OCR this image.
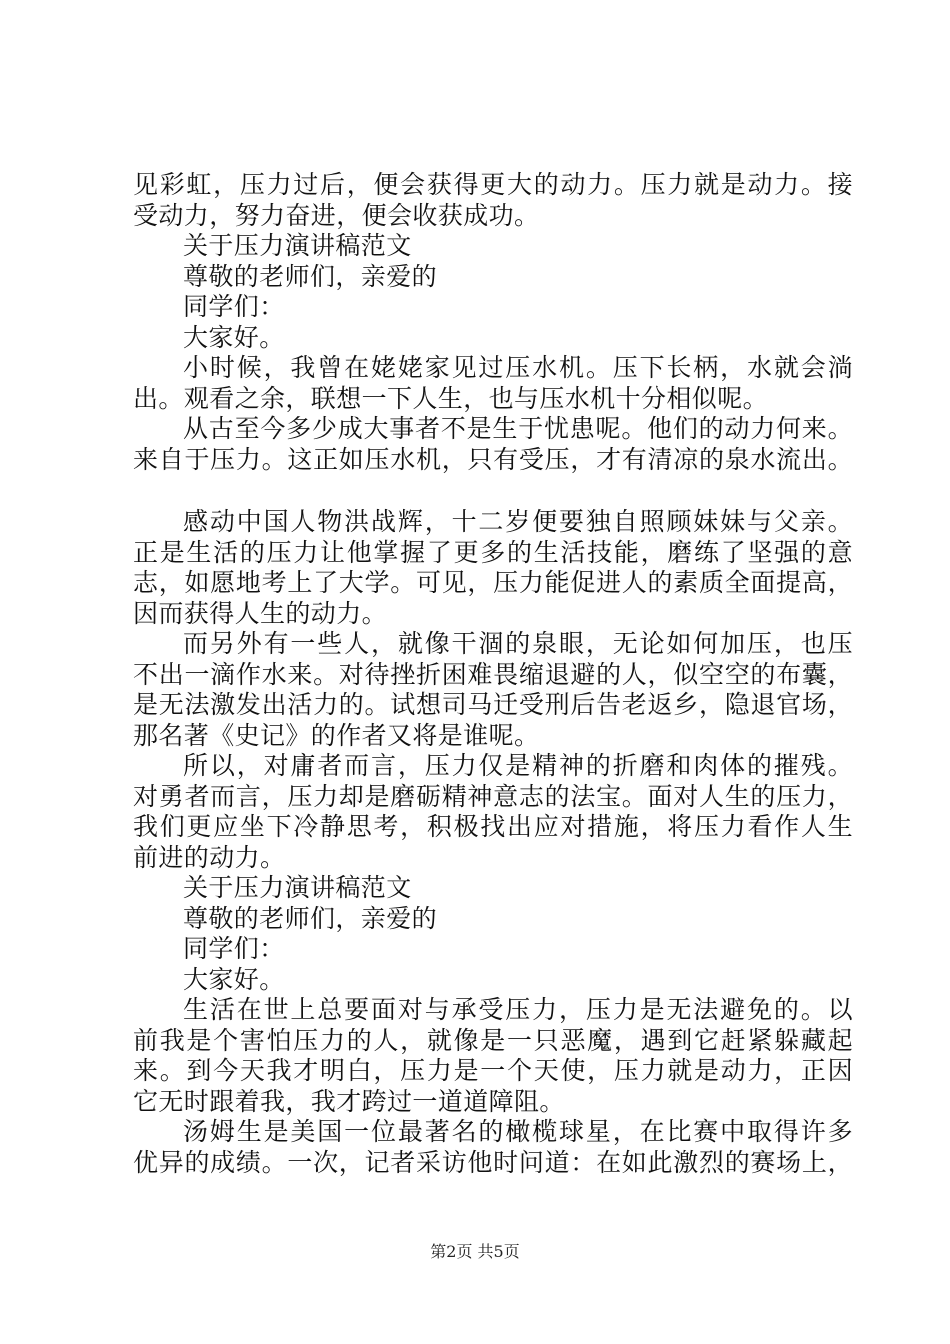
见彩虹，压力过后，便会获得更大的动力。压力就是动力。接
受动力，努力奋进，便会收获成功。
关于压力演讲稿范文
尊敬的老师们，亲爱的
同学们：
大家好。
小时候，我曾在姥姥家见过压水机。压下长柄，水就会淌
出。观看之余，联想一下人生，也与压水机十分相似呢。
从古至今多少成大事者不是生于忧患呢。他们的动力何来。
来自于压力。这正如压水机，只有受压，才有清凉的泉水流出。
感动中国人物洪战辉，十二岁便要独自照顾妹妹与父亲。
正是生活的压力让他掌握了更多的生活技能，磨练了坚强的意
志，如愿地考上了大学。可见，压力能促进人的素质全面提高，
因而获得人生的动力。
而另外有一些人，就像干涸的泉眼，无论如何加压，也压
不出一滴作水来。对待挫折困难畏缩退避的人，似空空的布囊，
是无法激发出活力的。试想司马迁受刑后告老返乡，隐退官场，
那名著《史记》的作者又将是谁呢。
所以，对庸者而言，压力仅是精神的折磨和肉体的摧残。
对勇者而言，压力却是磨砺精神意志的法宝。面对人生的压力，
我们更应坐下冷静思考，积极找出应对措施，将压力看作人生
前进的动力。
关于压力演讲稿范文
尊敬的老师们，亲爱的
同学们：
大家好。
生活在世上总要面对与承受压力，压力是无法避免的。以
前我是个害怕压力的人，就像是一只恶魔，遇到它赶紧躲藏起
来。到今天我才明白，压力是一个天使，压力就是动力，正因
它无时跟着我，我才跨过一道道障阻。
汤姆生是美国一位最著名的橄榄球星，在比赛中取得许多
优异的成绩。一次，记者采访他时问道：在如此激烈的赛场上，
第2页 共5页
